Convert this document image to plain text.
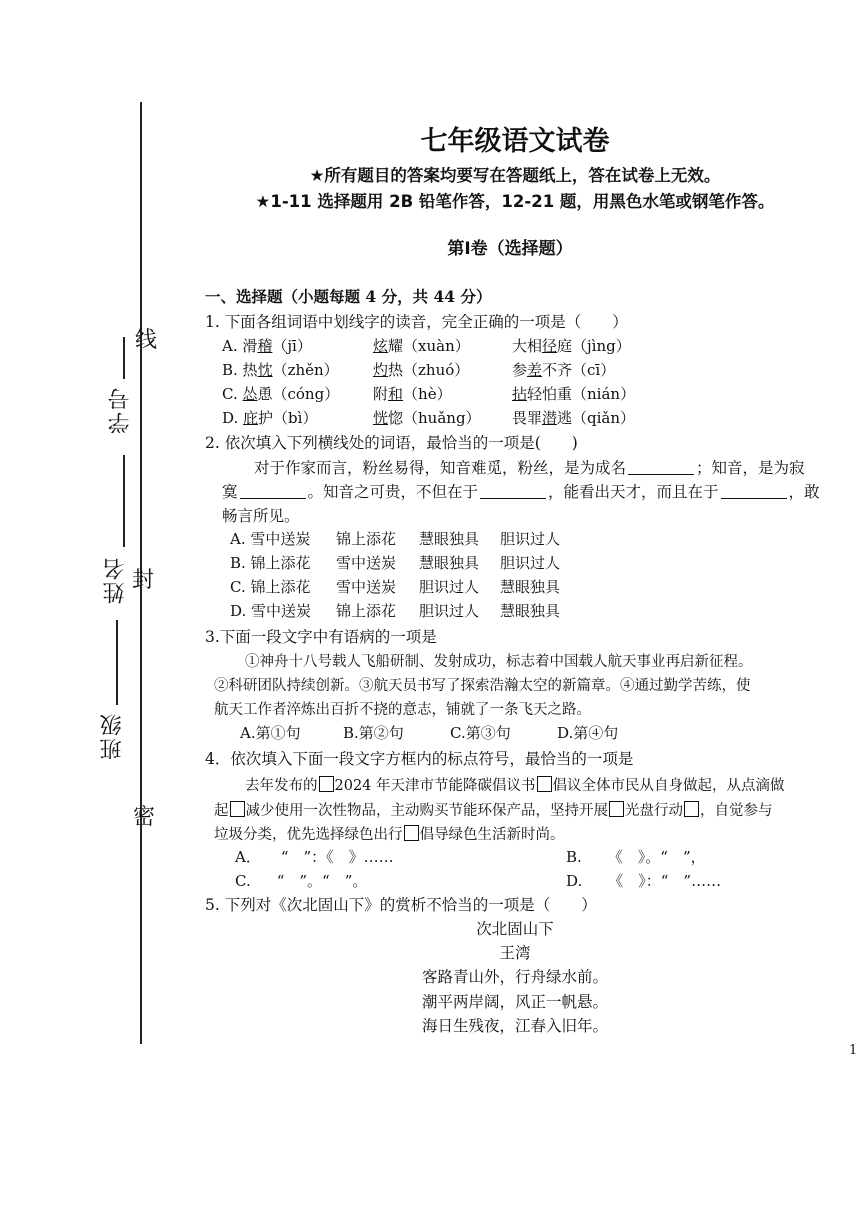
线
学号
封
姓名
班级
密
七年级语文试卷
★所有题目的答案均要写在答题纸上，答在试卷上无效。
★1-11 选择题用 2B 铅笔作答，12-21 题，用黑色水笔或钢笔作答。
第Ⅰ卷（选择题）
一、选择题（小题每题 4 分，共 44 分）
1. 下面各组词语中划线字的读音，完全正确的一项是（　　）
A. 滑稽（jī）	炫耀（xuàn）	大相径庭（jìng）
B. 热忱（zhěn） 灼热（zhuó）	参差不齐（cī）
C. 怂恿（cóng） 附和（hè）	拈轻怕重（nián）
D. 庇护（bì）	恍惚（huǎng） 畏罪潜逃（qiǎn）
2. 依次填入下列横线处的词语，最恰当的一项是(　　)
对于作家而言，粉丝易得，知音难觅，粉丝，是为成名	；知音，是为寂
寞	。知音之可贵，不但在于	，能看出天才，而且在于	，敢
畅言所见。
A. 雪中送炭 锦上添花 慧眼独具 胆识过人
B. 锦上添花 雪中送炭 慧眼独具 胆识过人
C. 锦上添花 雪中送炭 胆识过人 慧眼独具
D. 雪中送炭 锦上添花 胆识过人 慧眼独具
3.下面一段文字中有语病的一项是
①神舟十八号载人飞船研制、发射成功，标志着中国载人航天事业再启新征程。
②科研团队持续创新。③航天员书写了探索浩瀚太空的新篇章。④通过勤学苦练，使
航天工作者淬炼出百折不挠的意志，铺就了一条飞天之路。
A.第①句	B.第②句	C.第③句	D.第④句
4．依次填入下面一段文字方框内的标点符号，最恰当的一项是
去年发布的 2024 年天津市节能降碳倡议书 倡议全体市民从自身做起，从点滴做
起 减少使用一次性物品，主动购买节能环保产品，坚持开展 光盘行动 ，自觉参与
垃圾分类，优先选择绿色出行 倡导绿色生活新时尚。
A． “　”：《　》……	B. 《　》。“　”，
C. “　”。“　”。	D. 《　》：“　”……
5. 下列对《次北固山下》的赏析不恰当的一项是（　　）
次北固山下
王湾
客路青山外，行舟绿水前。
潮平两岸阔，风正一帆悬。
海日生残夜，江春入旧年。
1
